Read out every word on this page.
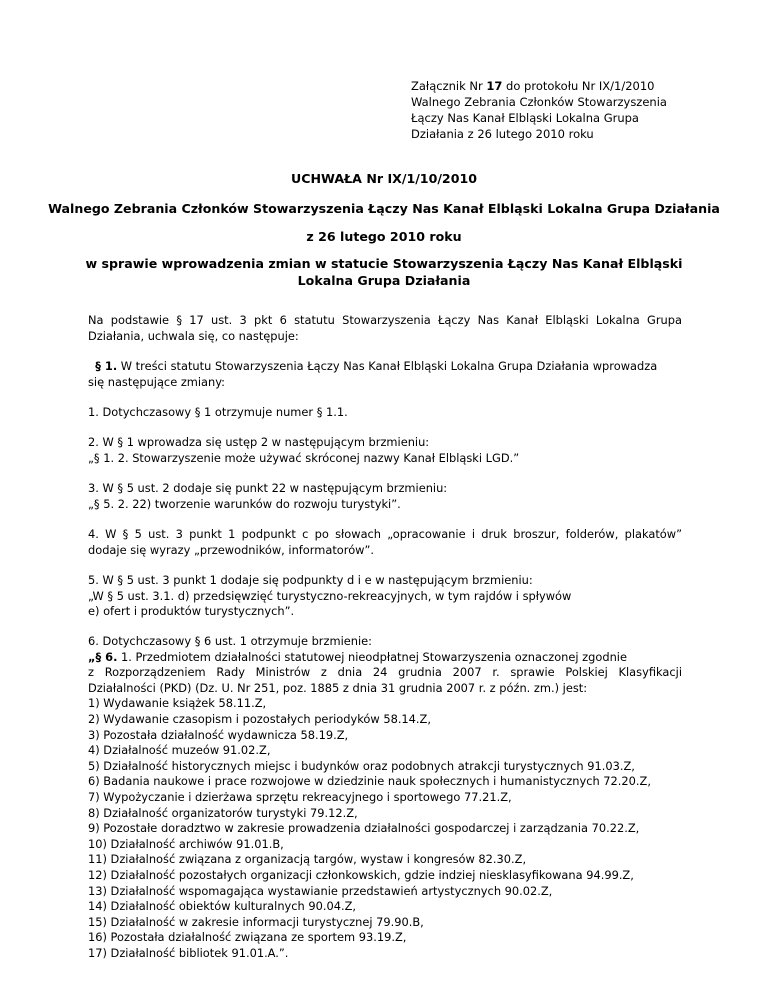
Załącznik Nr 17 do protokołu Nr IX/1/2010
Walnego Zebrania Członków Stowarzyszenia
Łączy Nas Kanał Elbląski Lokalna Grupa
Działania z 26 lutego 2010 roku
UCHWAŁA Nr IX/1/10/2010
Walnego Zebrania Członków Stowarzyszenia Łączy Nas Kanał Elbląski Lokalna Grupa Działania
z 26 lutego 2010 roku
w sprawie wprowadzenia zmian w statucie Stowarzyszenia Łączy Nas Kanał Elbląski
Lokalna Grupa Działania
Na podstawie § 17 ust. 3 pkt 6 statutu Stowarzyszenia Łączy Nas Kanał Elbląski Lokalna Grupa
Działania, uchwala się, co następuje:
§ 1. W treści statutu Stowarzyszenia Łączy Nas Kanał Elbląski Lokalna Grupa Działania wprowadza
się następujące zmiany:
1. Dotychczasowy § 1 otrzymuje numer § 1.1.
2. W § 1 wprowadza się ustęp 2 w następującym brzmieniu:
„§ 1. 2. Stowarzyszenie może używać skróconej nazwy Kanał Elbląski LGD.”
3. W § 5 ust. 2 dodaje się punkt 22 w następującym brzmieniu:
„§ 5. 2. 22) tworzenie warunków do rozwoju turystyki”.
4. W § 5 ust. 3 punkt 1 podpunkt c po słowach „opracowanie i druk broszur, folderów, plakatów”
dodaje się wyrazy „przewodników, informatorów”.
5. W § 5 ust. 3 punkt 1 dodaje się podpunkty d i e w następującym brzmieniu:
„W § 5 ust. 3.1. d) przedsięwzięć turystyczno-rekreacyjnych, w tym rajdów i spływów
e) ofert i produktów turystycznych”.
6. Dotychczasowy § 6 ust. 1 otrzymuje brzmienie:
„§ 6. 1. Przedmiotem działalności statutowej nieodpłatnej Stowarzyszenia oznaczonej zgodnie
z Rozporządzeniem Rady Ministrów z dnia 24 grudnia 2007 r. sprawie Polskiej Klasyfikacji
Działalności (PKD) (Dz. U. Nr 251, poz. 1885 z dnia 31 grudnia 2007 r. z późn. zm.) jest:
1) Wydawanie książek 58.11.Z,
2) Wydawanie czasopism i pozostałych periodyków 58.14.Z,
3) Pozostała działalność wydawnicza 58.19.Z,
4) Działalność muzeów 91.02.Z,
5) Działalność historycznych miejsc i budynków oraz podobnych atrakcji turystycznych 91.03.Z,
6) Badania naukowe i prace rozwojowe w dziedzinie nauk społecznych i humanistycznych 72.20.Z,
7) Wypożyczanie i dzierżawa sprzętu rekreacyjnego i sportowego 77.21.Z,
8) Działalność organizatorów turystyki 79.12.Z,
9) Pozostałe doradztwo w zakresie prowadzenia działalności gospodarczej i zarządzania 70.22.Z,
10) Działalność archiwów 91.01.B,
11) Działalność związana z organizacją targów, wystaw i kongresów 82.30.Z,
12) Działalność pozostałych organizacji członkowskich, gdzie indziej niesklasyfikowana 94.99.Z,
13) Działalność wspomagająca wystawianie przedstawień artystycznych 90.02.Z,
14) Działalność obiektów kulturalnych 90.04.Z,
15) Działalność w zakresie informacji turystycznej 79.90.B,
16) Pozostała działalność związana ze sportem 93.19.Z,
17) Działalność bibliotek 91.01.A.”.
